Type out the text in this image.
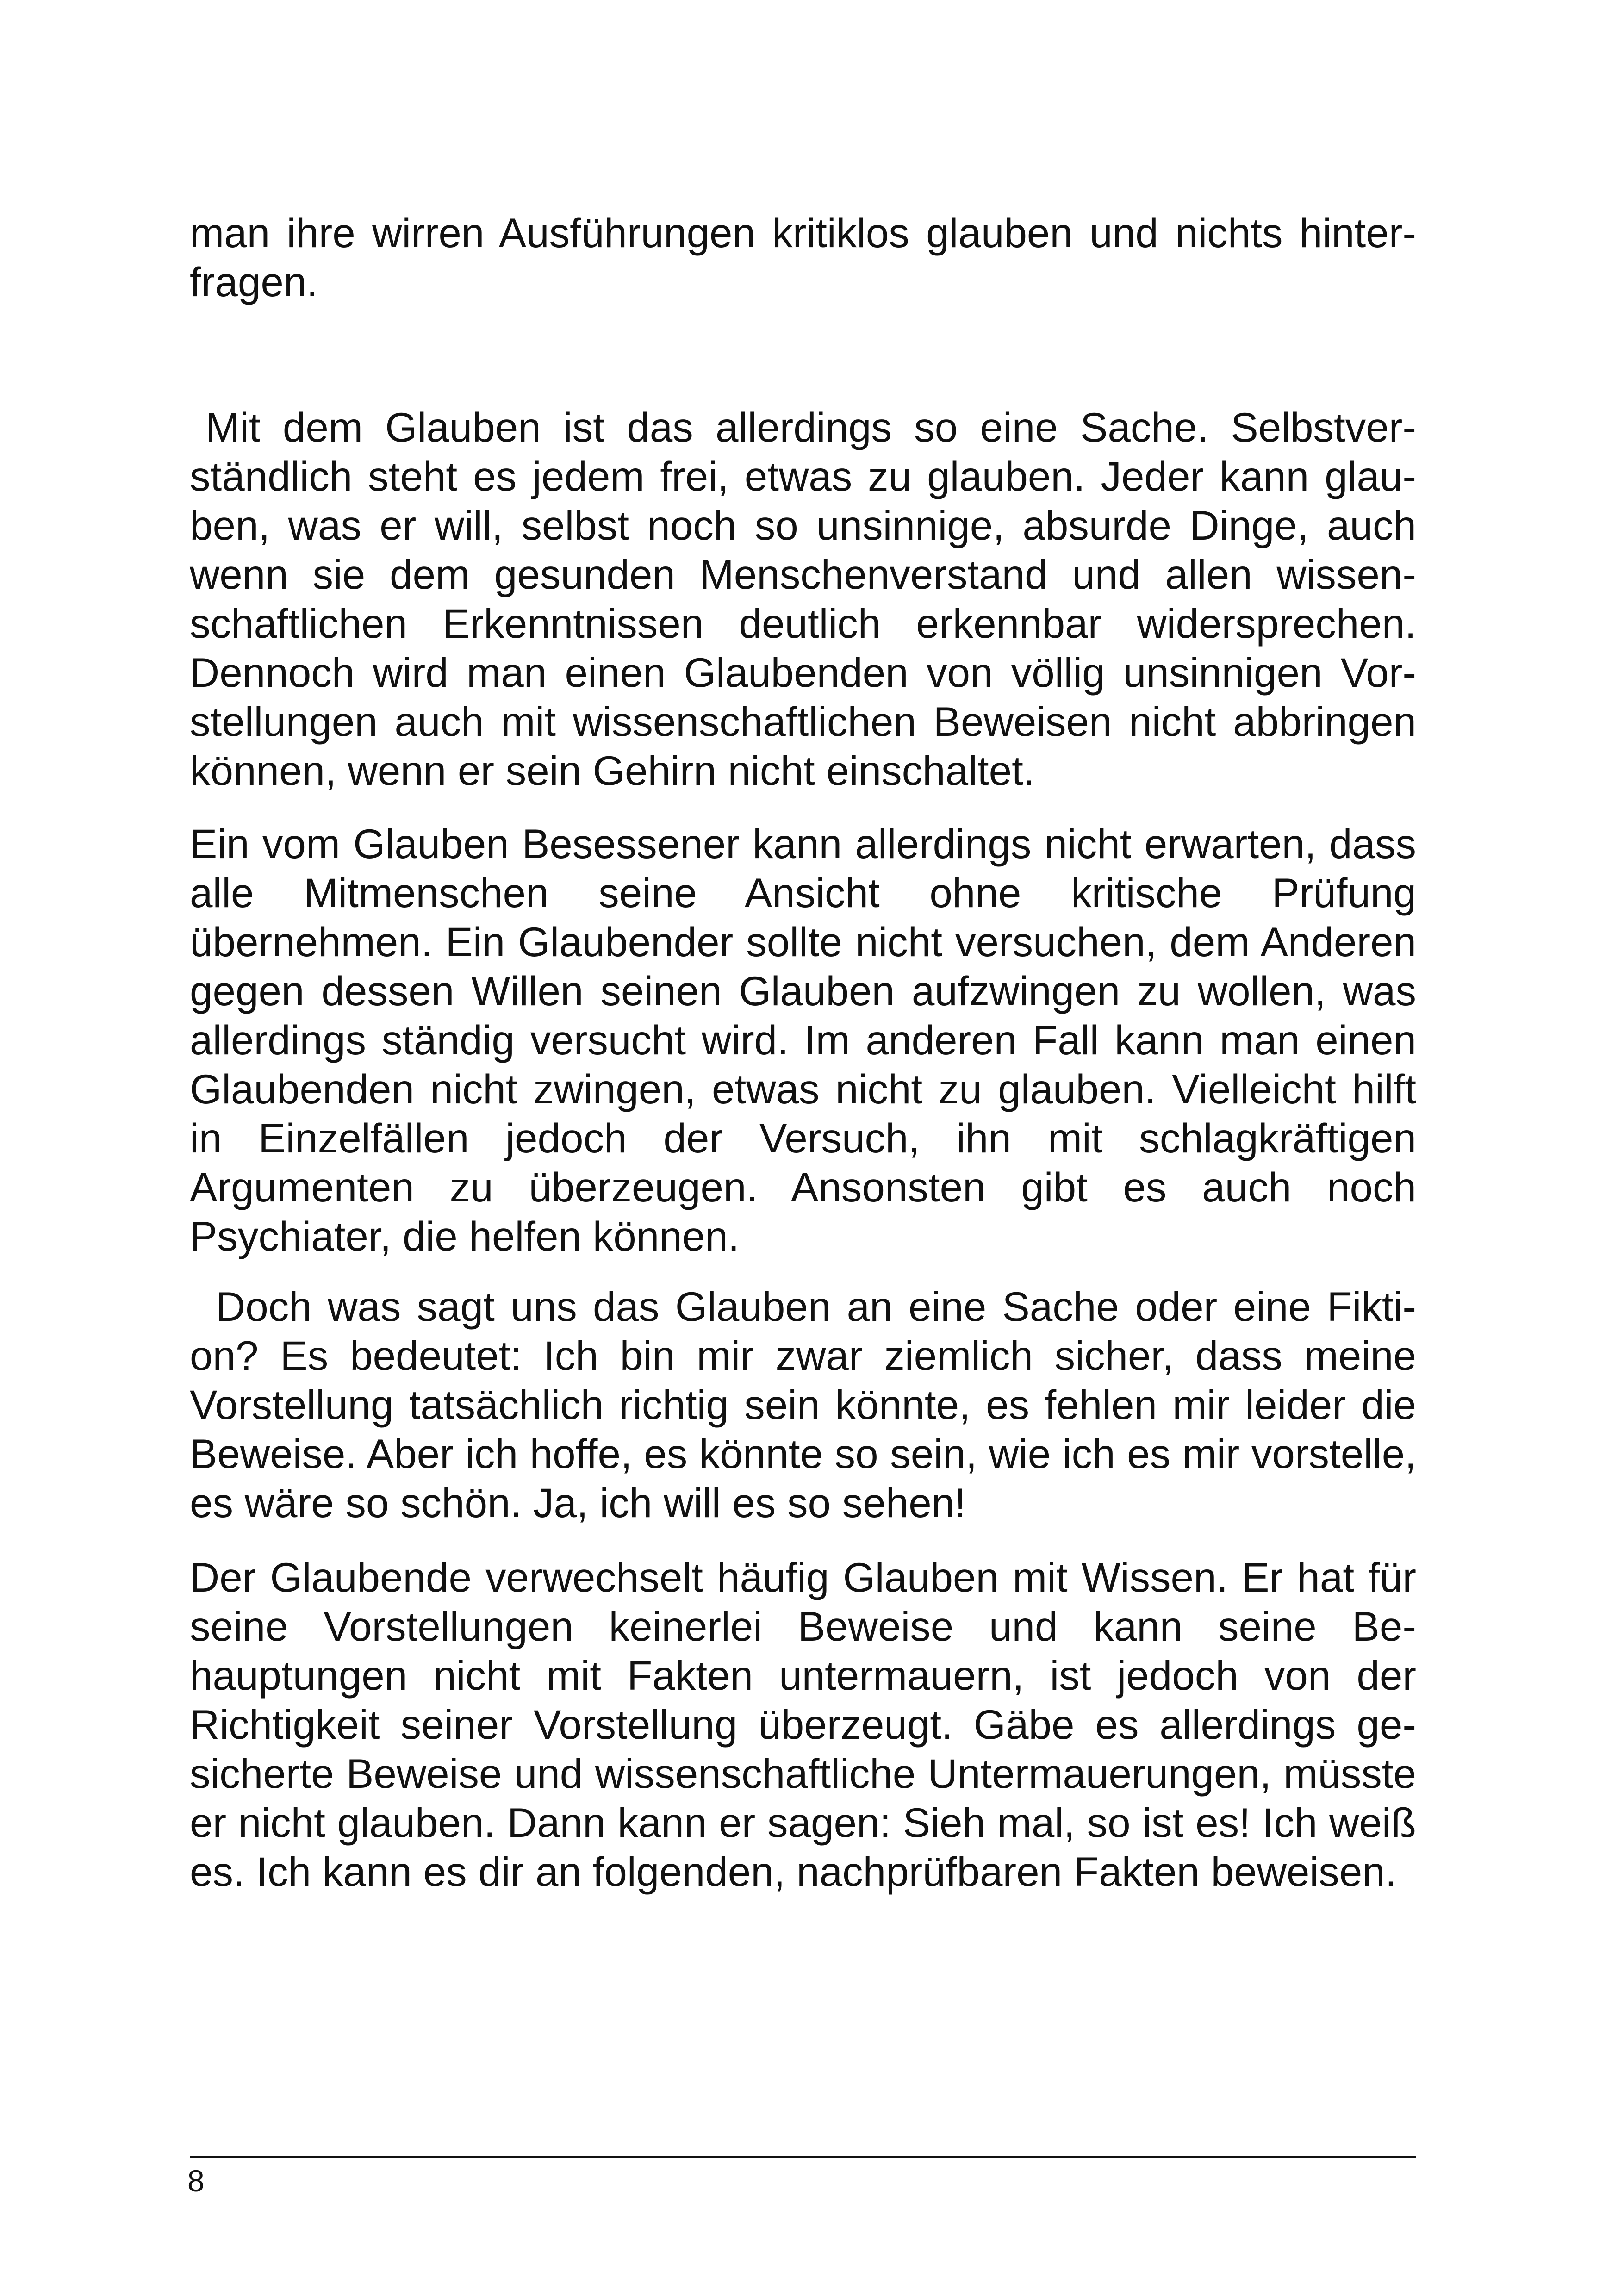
man ihre wirren Ausführungen kritiklos glauben und nichts hinterfragen.

Mit dem Glauben ist das allerdings so eine Sache. Selbstverständlich steht es jedem frei, etwas zu glauben. Jeder kann glauben, was er will, selbst noch so unsinnige, absurde Dinge, auch wenn sie dem gesunden Menschenverstand und allen wissenschaftlichen Erkenntnissen deutlich erkennbar widersprechen. Dennoch wird man einen Glaubenden von völlig unsinnigen Vorstellungen auch mit wissenschaftlichen Beweisen nicht abbringen können, wenn er sein Gehirn nicht einschaltet.

Ein vom Glauben Besessener kann allerdings nicht erwarten, dass alle Mitmenschen seine Ansicht ohne kritische Prüfung übernehmen. Ein Glaubender sollte nicht versuchen, dem Anderen gegen dessen Willen seinen Glauben aufzwingen zu wollen, was allerdings ständig versucht wird. Im anderen Fall kann man einen Glaubenden nicht zwingen, etwas nicht zu glauben. Vielleicht hilft in Einzelfällen jedoch der Versuch, ihn mit schlagkräftigen Argumenten zu überzeugen. Ansonsten gibt es auch noch Psychiater, die helfen können.

Doch was sagt uns das Glauben an eine Sache oder eine Fiktion? Es bedeutet: Ich bin mir zwar ziemlich sicher, dass meine Vorstellung tatsächlich richtig sein könnte, es fehlen mir leider die Beweise. Aber ich hoffe, es könnte so sein, wie ich es mir vorstelle, es wäre so schön. Ja, ich will es so sehen!

Der Glaubende verwechselt häufig Glauben mit Wissen. Er hat für seine Vorstellungen keinerlei Beweise und kann seine Behauptungen nicht mit Fakten untermauern, ist jedoch von der Richtigkeit seiner Vorstellung überzeugt. Gäbe es allerdings gesicherte Beweise und wissenschaftliche Untermauerungen, müsste er nicht glauben. Dann kann er sagen: Sieh mal, so ist es! Ich weiß es. Ich kann es dir an folgenden, nachprüfbaren Fakten beweisen.

8
